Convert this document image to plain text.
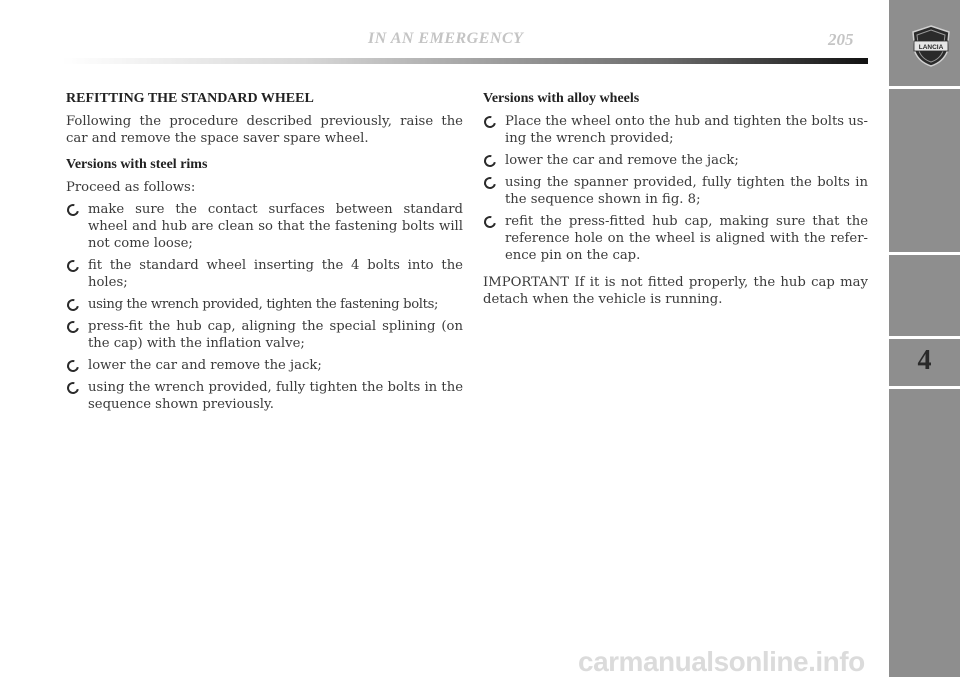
IN AN EMERGENCY	205	LANCIA
4
REFITTING THE STANDARD WHEEL

Following the procedure described previously, raise the car and remove the space saver spare wheel.

Versions with steel rims

Proceed as follows:

make sure the contact surfaces between standard wheel and hub are clean so that the fastening bolts will not come loose;
fit the standard wheel inserting the 4 bolts into the holes;
using the wrench provided, tighten the fastening bolts;
press-fit the hub cap, aligning the special splining (on the cap) with the inflation valve;
lower the car and remove the jack;
using the wrench provided, fully tighten the bolts in the sequence shown previously.
Versions with alloy wheels
Place the wheel onto the hub and tighten the bolts us-ing the wrench provided;
lower the car and remove the jack;
using the spanner provided, fully tighten the bolts in the sequence shown in fig. 8;
refit the press-fitted hub cap, making sure that the reference hole on the wheel is aligned with the refer-ence pin on the cap.

IMPORTANT If it is not fitted properly, the hub cap may detach when the vehicle is running.

carmanualsonline.info
